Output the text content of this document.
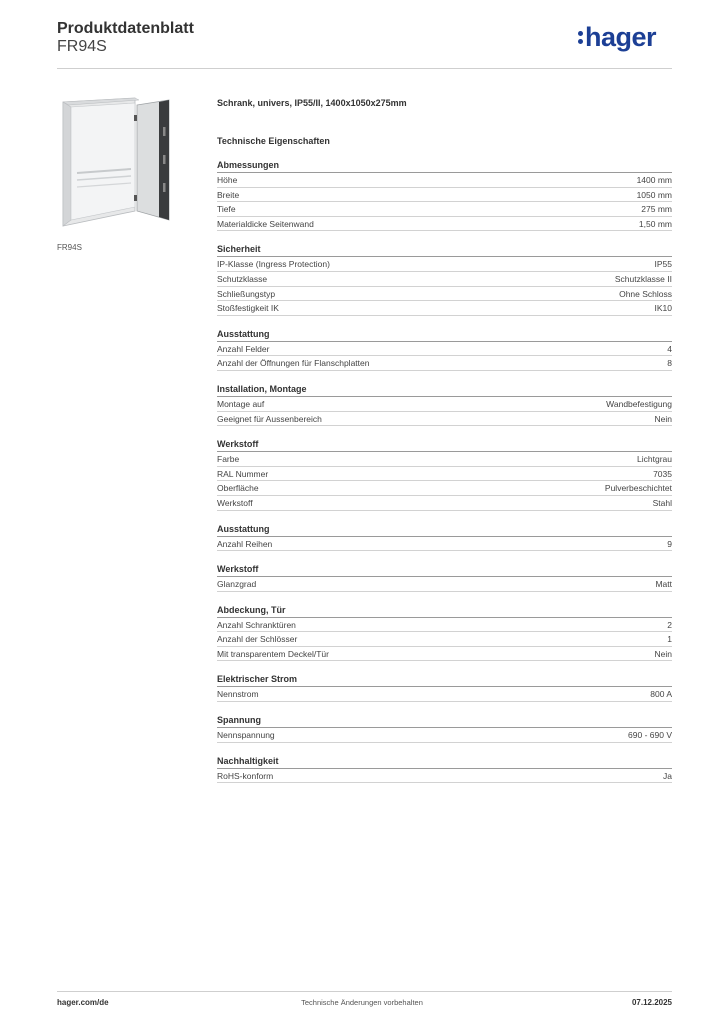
Produktdatenblatt
FR94S	hager
FR94S
Schrank, univers, IP55/II, 1400x1050x275mm
Technische Eigenschaften
Abmessungen
Höhe	1400 mm
Breite	1050 mm
Tiefe	275 mm
Materialdicke Seitenwand	1,50 mm
Sicherheit
IP-Klasse (Ingress Protection)	IP55
Schutzklasse	Schutzklasse II
Schließungstyp	Ohne Schloss
Stoßfestigkeit IK	IK10
Ausstattung
Anzahl Felder	4
Anzahl der Öffnungen für Flanschplatten	8
Installation, Montage
Montage auf	Wandbefestigung
Geeignet für Aussenbereich	Nein
Werkstoff
Farbe	Lichtgrau
RAL Nummer	7035
Oberfläche	Pulverbeschichtet
Werkstoff	Stahl
Ausstattung
Anzahl Reihen	9
Werkstoff
Glanzgrad	Matt
Abdeckung, Tür
Anzahl Schranktüren	2
Anzahl der Schlösser	1
Mit transparentem Deckel/Tür	Nein
Elektrischer Strom
Nennstrom	800 A
Spannung
Nennspannung	690 - 690 V
Nachhaltigkeit
RoHS-konform	Ja
hager.com/de	Technische Änderungen vorbehalten	07.12.2025
